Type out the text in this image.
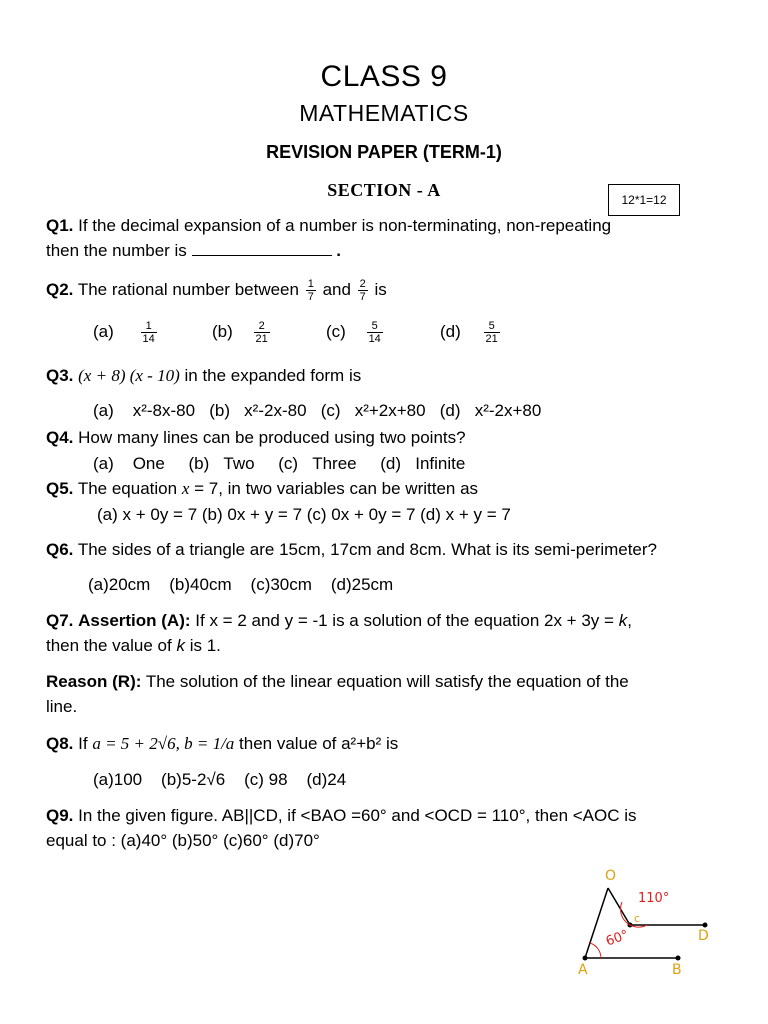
CLASS 9
MATHEMATICS
REVISION PAPER (TERM-1)
SECTION - A	12*1=12
Q1. If the decimal expansion of a number is non-terminating, non-repeating
then the number is	.
Q2. The rational number between $\frac{1}{7}$ and $\frac{2}{7}$ is
$(a) \frac{1}{14}$	$(b) \frac{2}{21}$	$(c) \frac{5}{14}$	$(d) \frac{5}{21}$
Q3. (x + 8) (x - 10) in the expanded form is
(a) x²-8x-80 (b) x²-2x-80 (c) x²+2x+80 (d) x²-2x+80
Q4. How many lines can be produced using two points?
(a) One (b) Two (c) Three (d) Infinite
Q5. The equation x = 7, in two variables can be written as
(a) x + 0y = 7 (b) 0x + y = 7 (c) 0x + 0y = 7 (d) x + y = 7
Q6. The sides of a triangle are 15cm, 17cm and 8cm. What is its semi-perimeter?
(a)20cm (b)40cm (c)30cm (d)25cm
Q7. Assertion (A): If x = 2 and y = -1 is a solution of the equation 2x + 3y = k,
then the value of k is 1.
Reason (R): The solution of the linear equation will satisfy the equation of the
line.
Q8. If a = 5 + 2√6, b = 1/a then value of a²+b² is
(a)100 (b)5-2√6 (c) 98 (d)24
Q9. In the given figure. AB||CD, if <BAO =60° and <OCD = 110°, then <AOC is
equal to : (a)40° (b)50° (c)60° (d)70°
O
A	B
c
D
110°
60°
